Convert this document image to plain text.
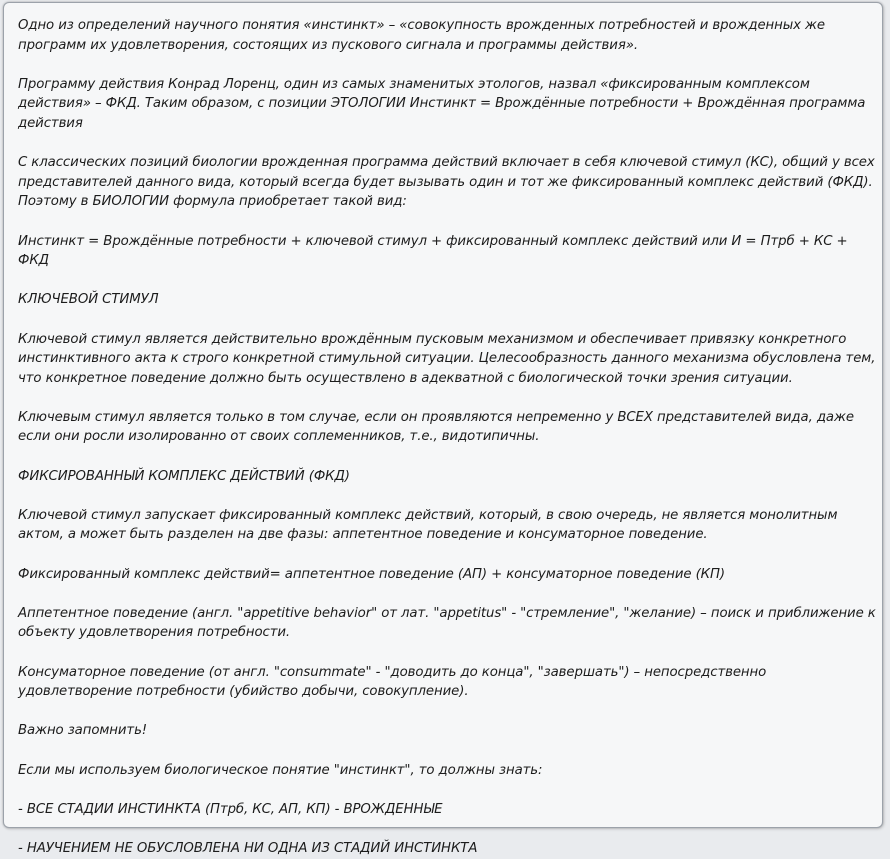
Одно из определений научного понятия «инстинкт» – «совокупность врожденных потребностей и врожденных же программ их удовлетворения, состоящих из пускового сигнала и программы действия».

Программу действия Конрад Лоренц, один из самых знаменитых этологов, назвал «фиксированным комплексом действия» – ФКД. Таким образом, с позиции ЭТОЛОГИИ Инстинкт = Врождённые потребности + Врождённая программа действия

С классических позиций биологии врожденная программа действий включает в себя ключевой стимул (КС), общий у всех представителей данного вида, который всегда будет вызывать один и тот же фиксированный комплекс действий (ФКД). Поэтому в БИОЛОГИИ формула приобретает такой вид:

Инстинкт = Врождённые потребности + ключевой стимул + фиксированный комплекс действий или И = Птрб + КС + ФКД

КЛЮЧЕВОЙ СТИМУЛ

Ключевой стимул является действительно врождённым пусковым механизмом и обеспечивает привязку конкретного инстинктивного акта к строго конкретной стимульной ситуации. Целесообразность данного механизма обусловлена тем, что конкретное поведение должно быть осуществлено в адекватной с биологической точки зрения ситуации.

Ключевым стимул является только в том случае, если он проявляются непременно у ВСЕХ представителей вида, даже если они росли изолированно от своих соплеменников, т.е., видотипичны.

ФИКСИРОВАННЫЙ КОМПЛЕКС ДЕЙСТВИЙ (ФКД)

Ключевой стимул запускает фиксированный комплекс действий, который, в свою очередь, не является монолитным актом, а может быть разделен на две фазы: аппетентное поведение и консуматорное поведение.

Фиксированный комплекс действий= аппетентное поведение (АП) + консуматорное поведение (КП)

Аппетентное поведение (англ. "appetitive behavior" от лат. "appetitus" - "стремление", "желание) – поиск и приближение к объекту удовлетворения потребности.

Консуматорное поведение (от англ. "consummate" - "доводить до конца", "завершать") – непосредственно удовлетворение потребности (убийство добычи, совокупление).

Важно запомнить!

Если мы используем биологическое понятие "инстинкт", то должны знать:

- ВСЕ СТАДИИ ИНСТИНКТА (Птрб, КС, АП, КП) - ВРОЖДЕННЫЕ

- НАУЧЕНИЕМ НЕ ОБУСЛОВЛЕНА НИ ОДНА ИЗ СТАДИЙ ИНСТИНКТА
